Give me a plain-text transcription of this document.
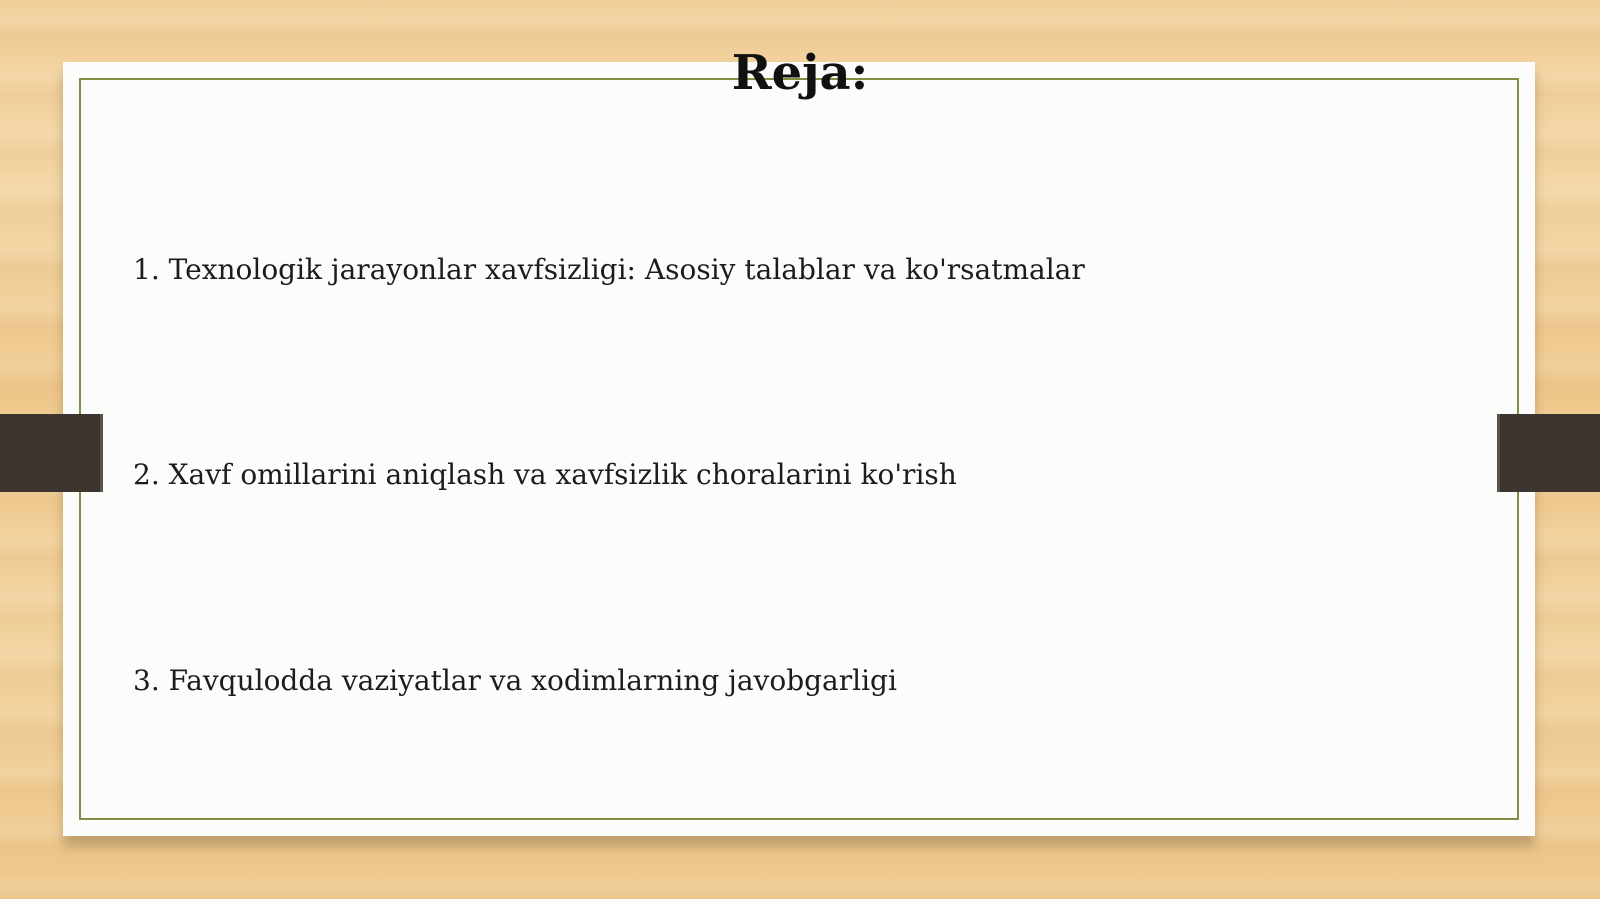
Reja:
1. Texnologik jarayonlar xavfsizligi: Asosiy talablar va ko'rsatmalar
2. Xavf omillarini aniqlash va xavfsizlik choralarini ko'rish
3. Favqulodda vaziyatlar va xodimlarning javobgarligi
